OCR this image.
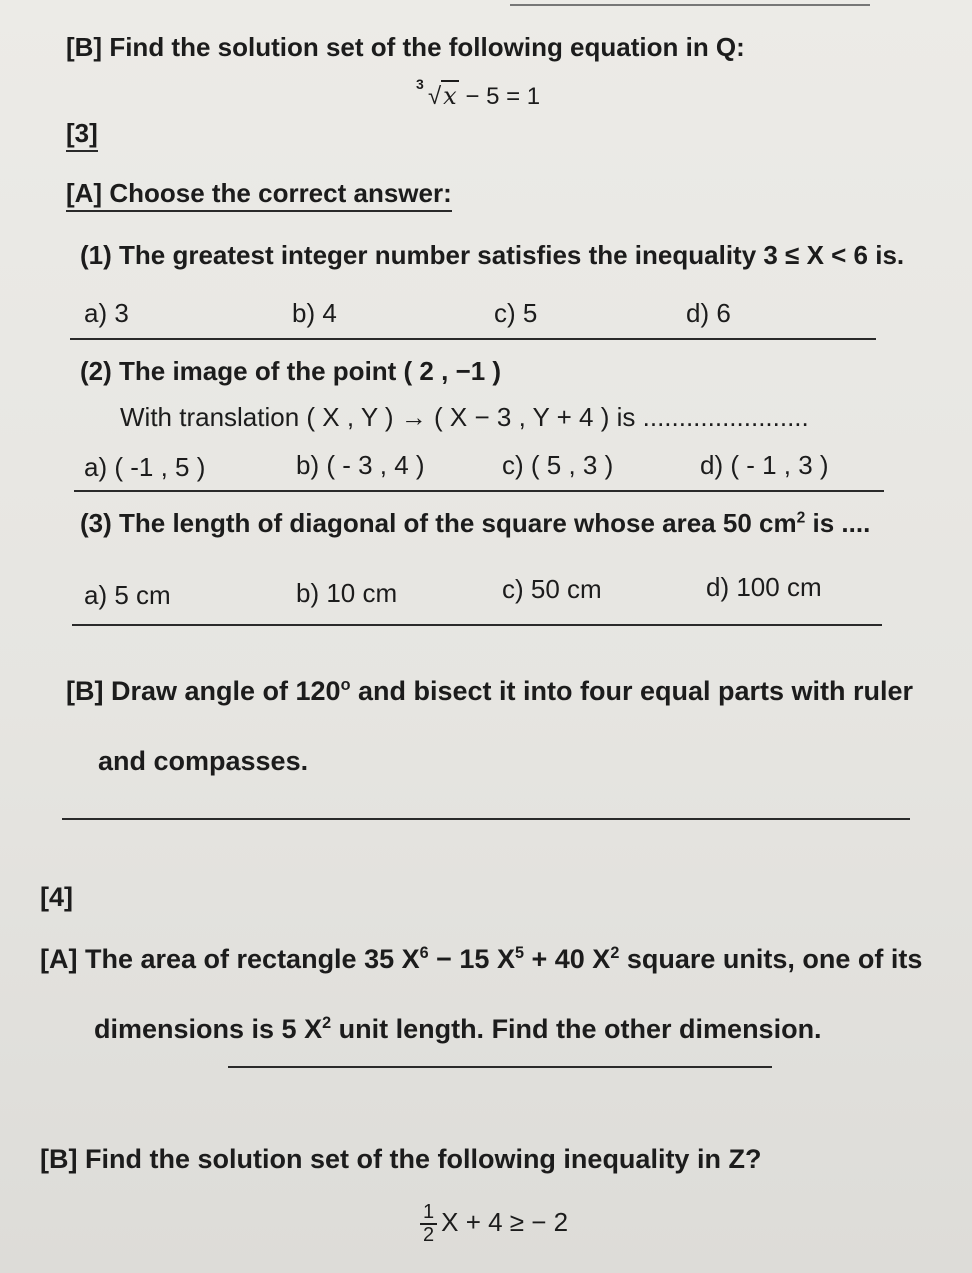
[B] Find the solution set of the following equation in Q:
3 √x − 5 = 1
[3]
[A] Choose the correct answer:
(1) The greatest integer number satisfies the inequality 3 ≤ X < 6 is.
a) 3	b) 4	c) 5	d) 6
(2) The image of the point ( 2 , −1 )
With translation ( X , Y ) → ( X − 3 , Y + 4 ) is .......................
a) ( -1 , 5 )	b) ( - 3 , 4 )	c) ( 5 , 3 )	d) ( - 1 , 3 )
(3) The length of diagonal of the square whose area 50 $cm^2$ is ....
a) 5 cm	b) 10 cm	c) 50 cm	d) 100 cm
[B] Draw angle of 120$^o$ and bisect it into four equal parts with ruler
and compasses.
[4]
[A] The area of rectangle 35 $X^6 - 15$ $X^5 + 40$ $X^2$ square units, one of its
dimensions is 5 $X^2$ unit length. Find the other dimension.
[B] Find the solution set of the following inequality in Z?
$\frac{1}{2}$ X + 4 ≥ − 2
